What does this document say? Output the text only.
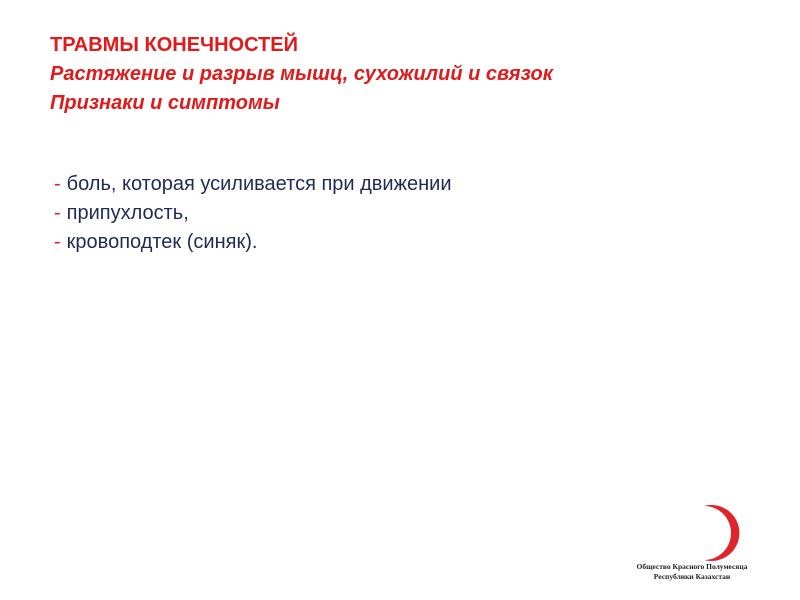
ТРАВМЫ КОНЕЧНОСТЕЙ
Растяжение и разрыв мышц, сухожилий и связок
Признаки и симптомы
- боль, которая усиливается при движении
- припухлость,
- кровоподтек (синяк).
Общество Красного Полумесяца
Республики Казахстан
